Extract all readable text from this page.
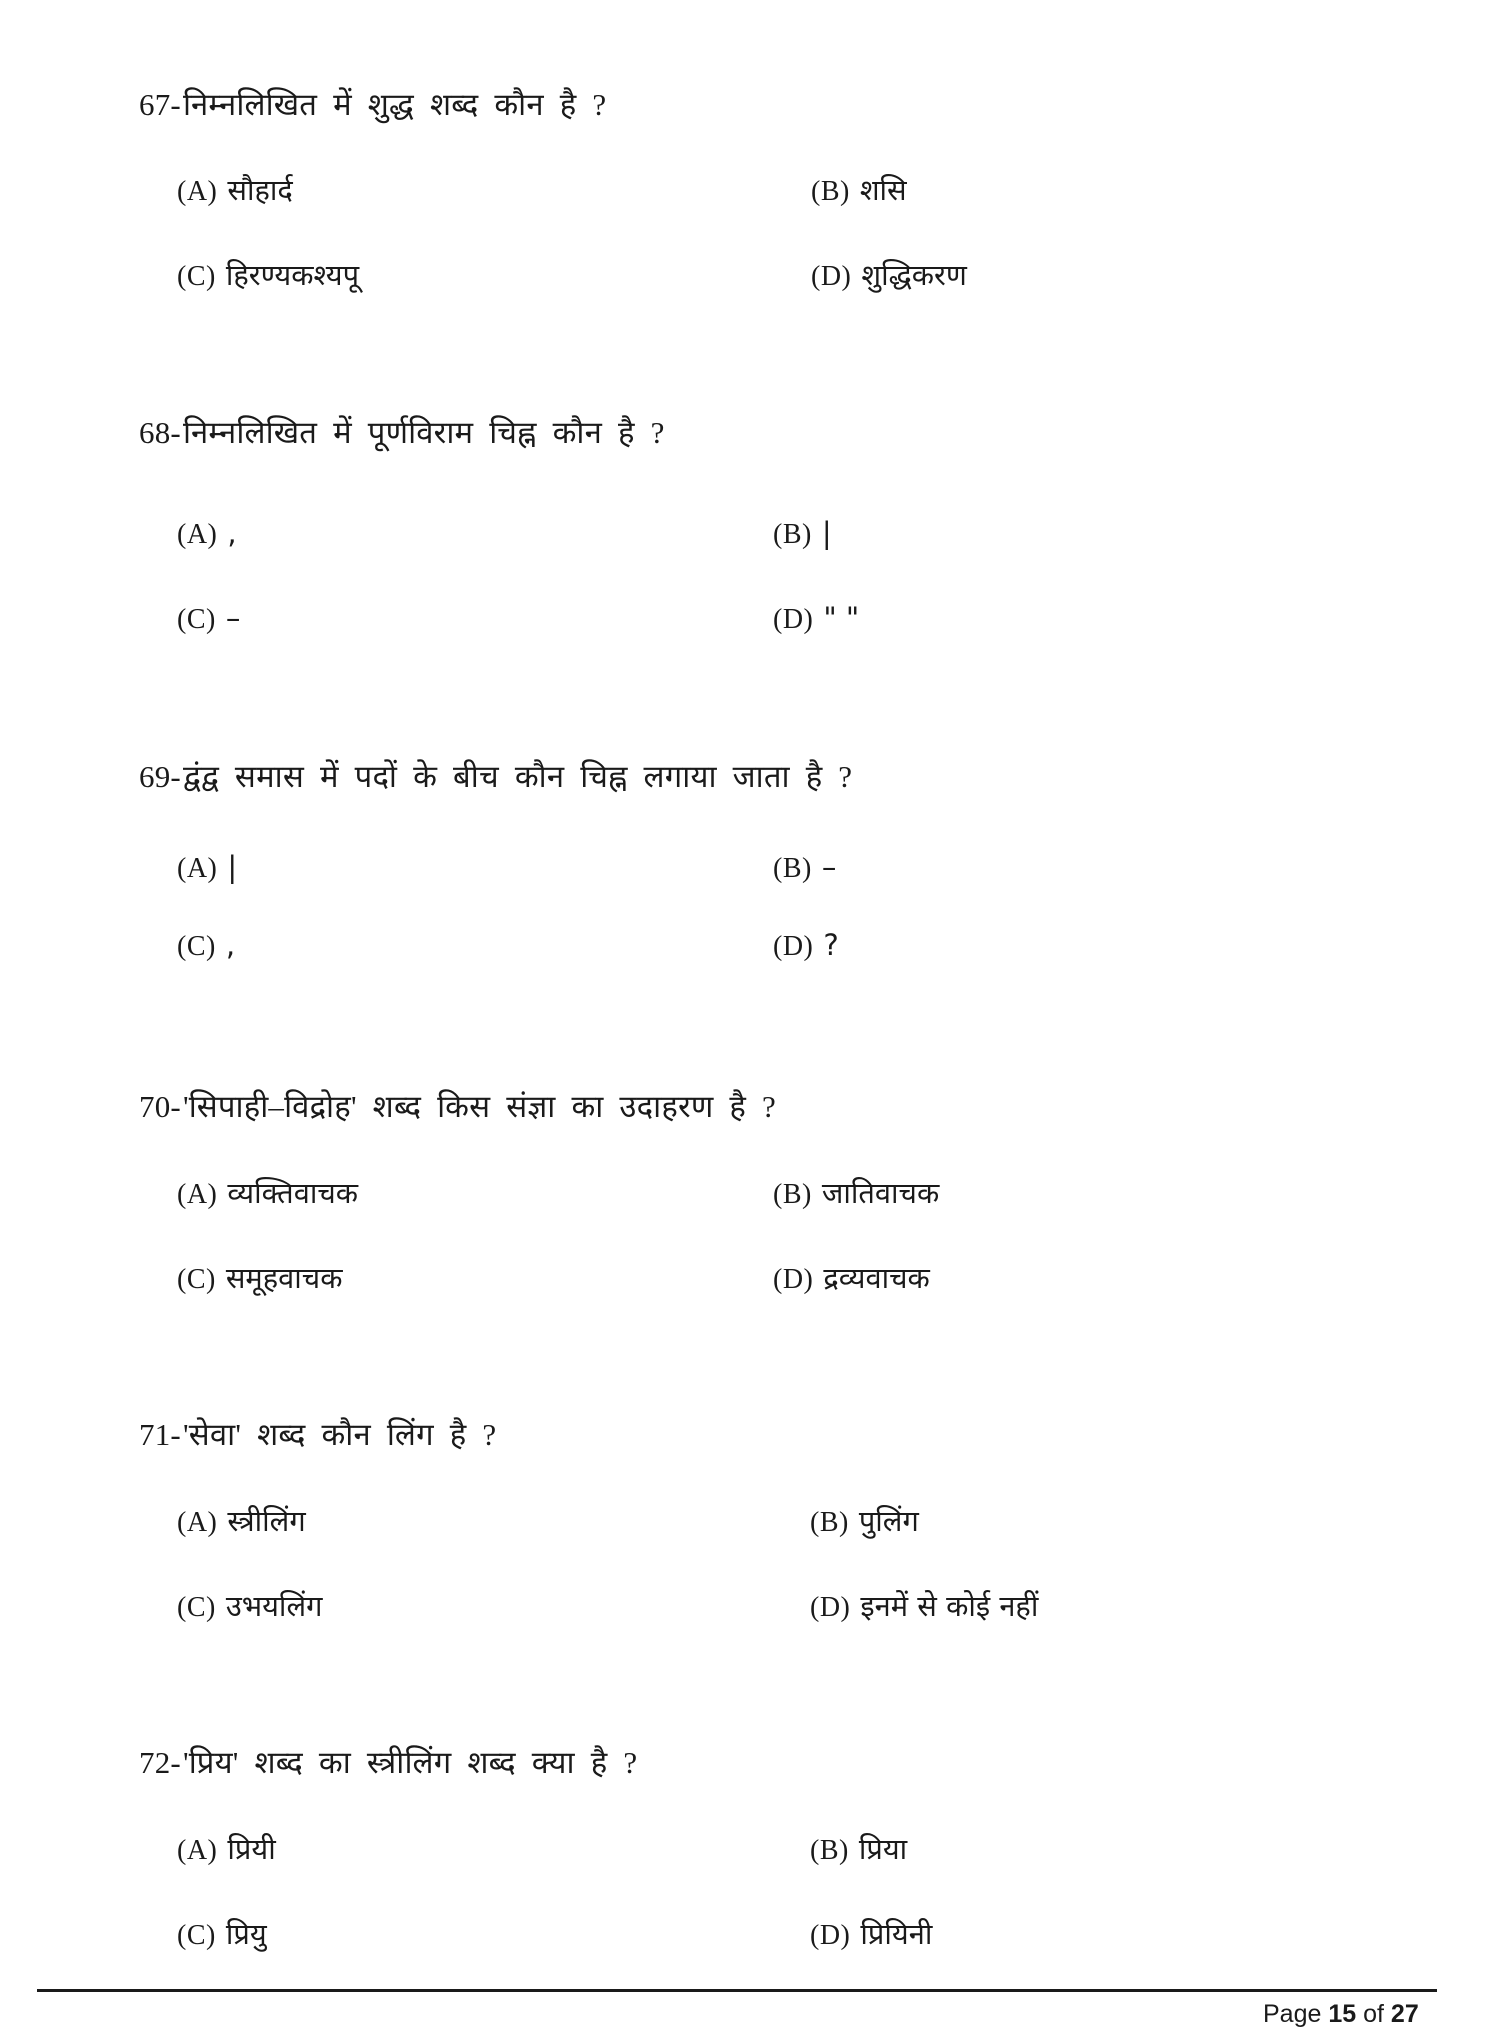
67-निम्नलिखित में शुद्ध शब्द कौन है ?
(A) सौहार्द	(B) शसि
(C) हिरण्यकश्यपू	(D) शुद्धिकरण
68-निम्नलिखित में पूर्णविराम चिह्न कौन है ?
(A) ,	(B) |
(C) –	(D) " "
69-द्वंद्व समास में पदों के बीच कौन चिह्न लगाया जाता है ?
(A) |	(B) –
(C) ,	(D) ?
70-'सिपाही–विद्रोह' शब्द किस संज्ञा का उदाहरण है ?
(A) व्यक्तिवाचक	(B) जातिवाचक
(C) समूहवाचक	(D) द्रव्यवाचक
71-'सेवा' शब्द कौन लिंग है ?
(A) स्त्रीलिंग	(B) पुलिंग
(C) उभयलिंग	(D) इनमें से कोई नहीं
72-'प्रिय' शब्द का स्त्रीलिंग शब्द क्या है ?
(A) प्रियी	(B) प्रिया
(C) प्रियु	(D) प्रियिनी
Page 15 of 27
